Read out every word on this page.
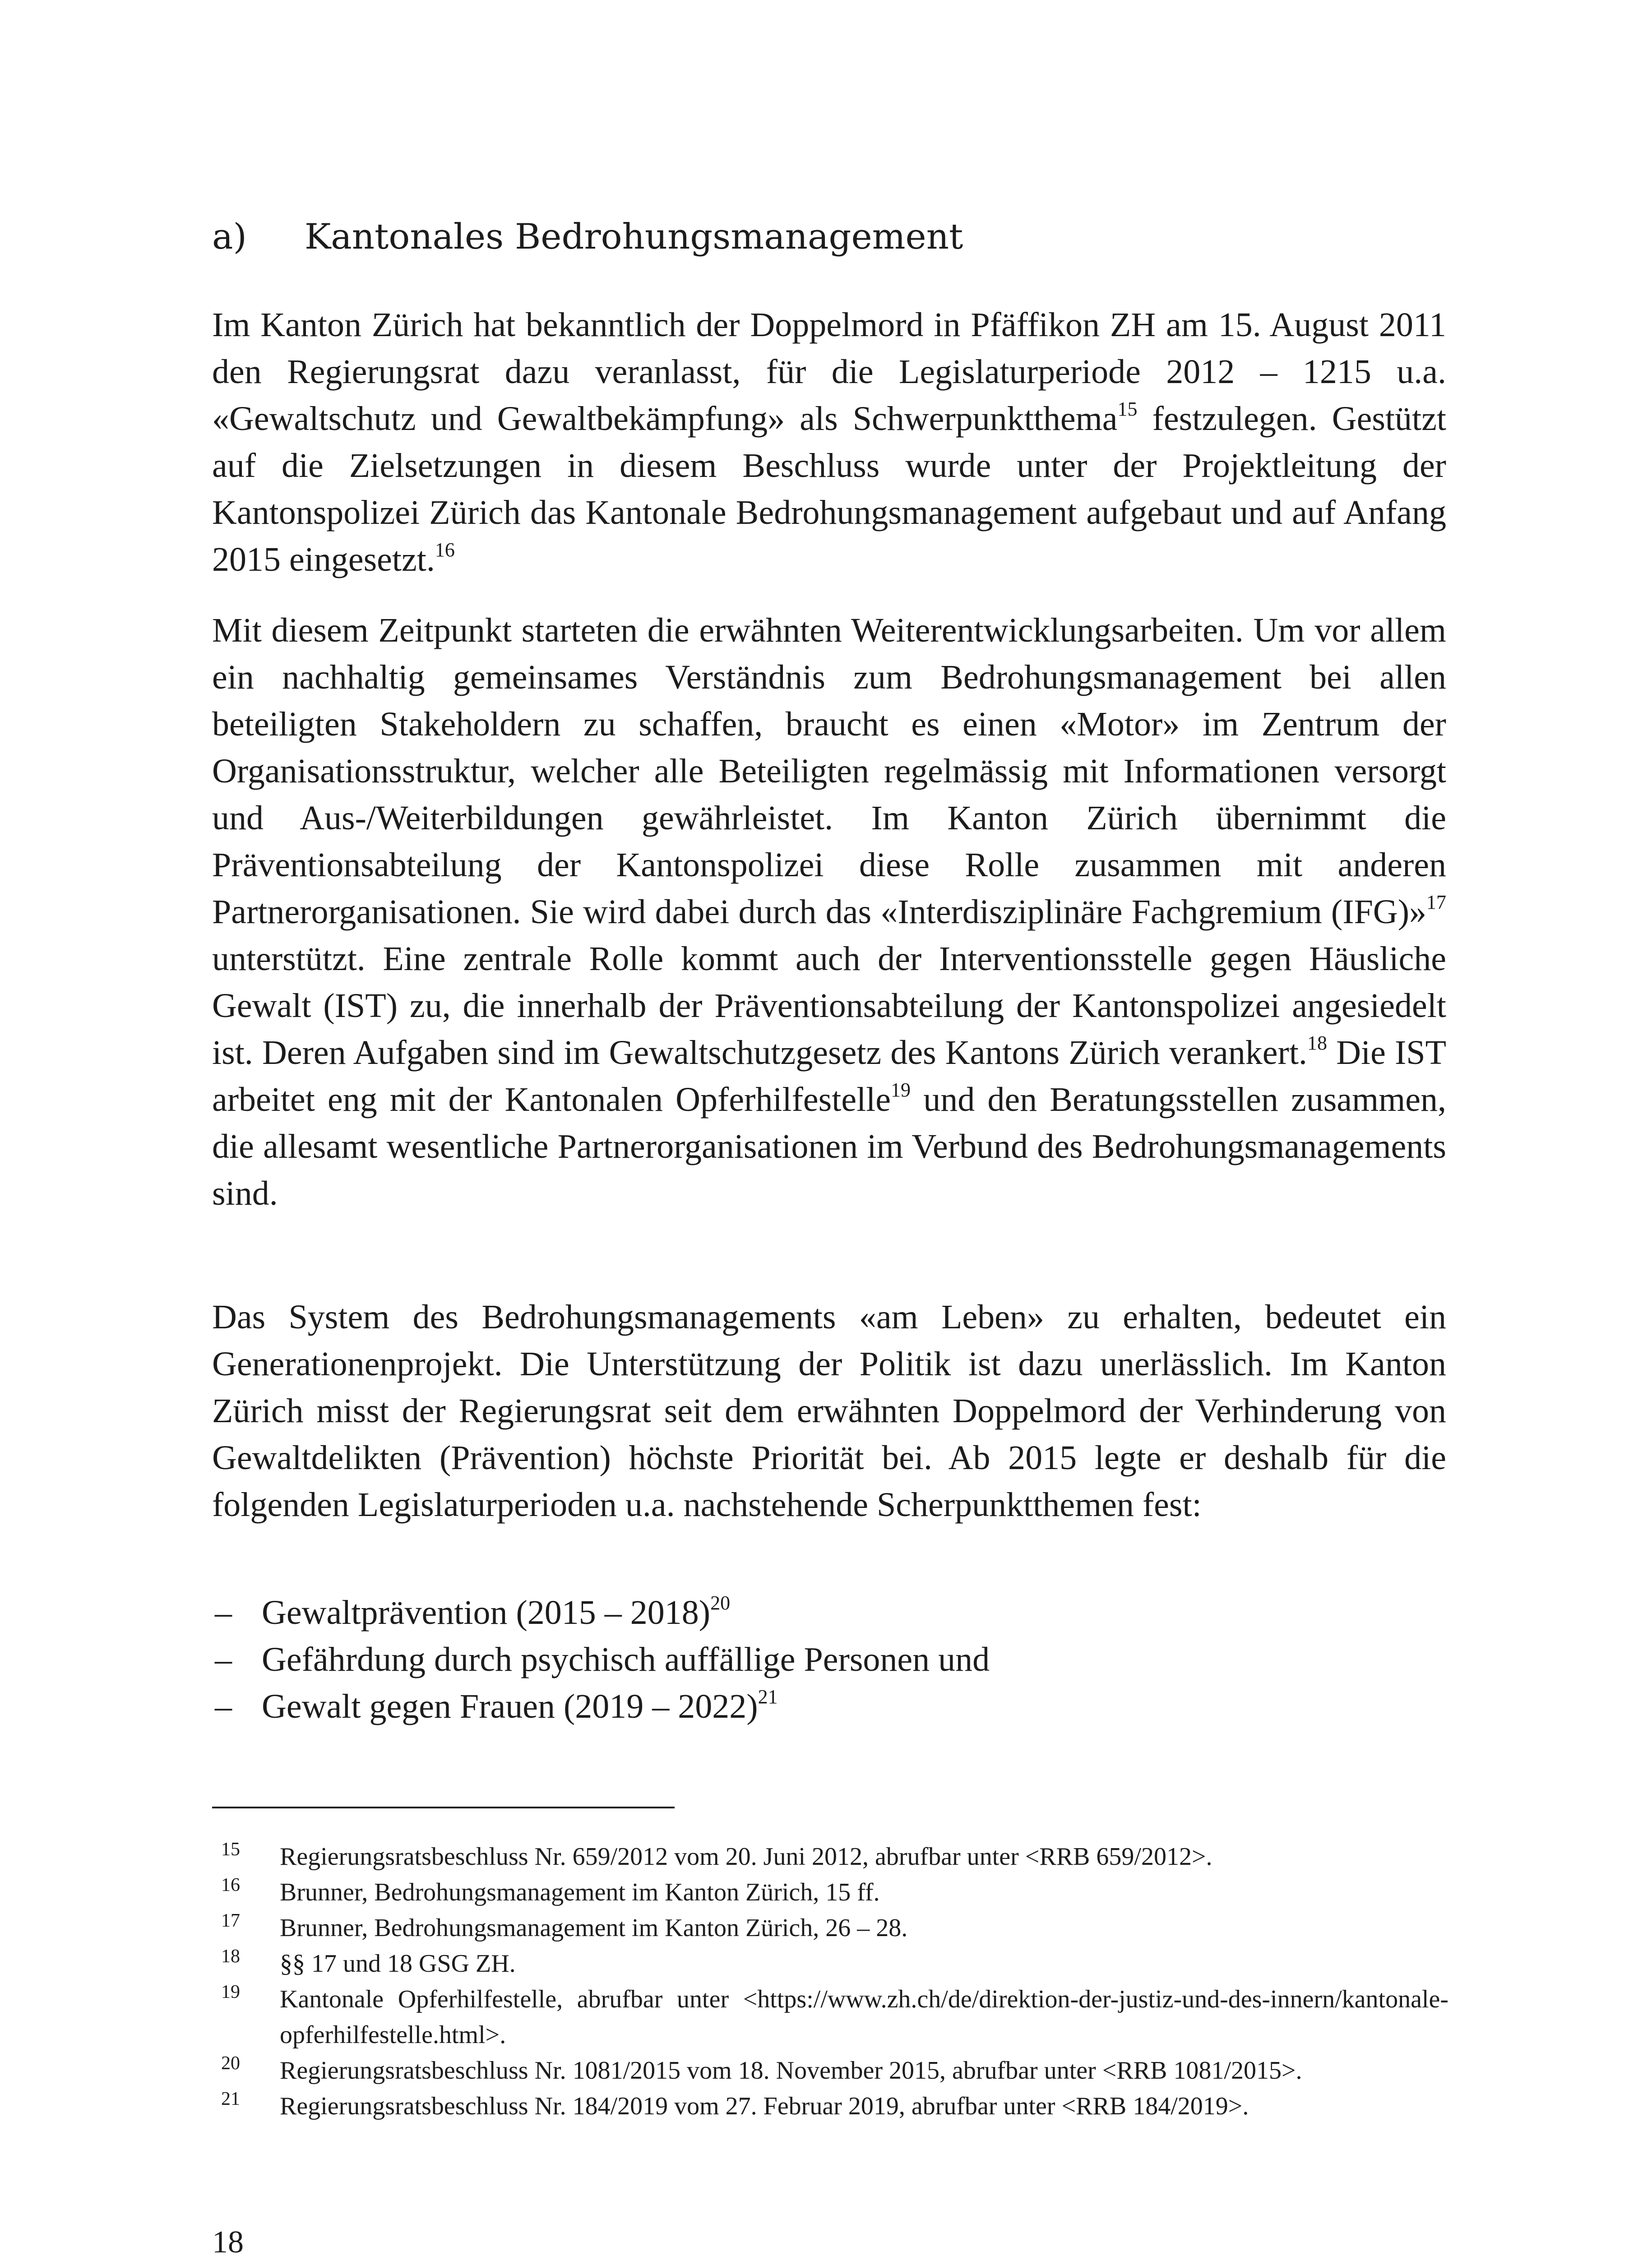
a) Kantonales Bedrohungsmanagement

Im Kanton Zürich hat bekanntlich der Doppelmord in Pfäffikon ZH am 15. August 2011 den Regierungsrat dazu veranlasst, für die Legislaturperiode 2012 – 1215 u.a. «Gewaltschutz und Gewaltbekämpfung» als Schwerpunktthema$^{15}$ festzulegen. Gestützt auf die Zielsetzungen in diesem Beschluss wurde unter der Projektleitung der Kantonspolizei Zürich das Kantonale Bedrohungsmanagement aufgebaut und auf Anfang 2015 eingesetzt.$^{16}$

Mit diesem Zeitpunkt starteten die erwähnten Weiterentwicklungsarbeiten. Um vor allem ein nachhaltig gemeinsames Verständnis zum Bedrohungsmanagement bei allen beteiligten Stakeholdern zu schaffen, braucht es einen «Motor» im Zentrum der Organisationsstruktur, welcher alle Beteiligten regelmässig mit Informationen versorgt und Aus-/Weiterbildungen gewährleistet. Im Kanton Zürich übernimmt die Präventionsabteilung der Kantonspolizei diese Rolle zusammen mit anderen Partnerorganisationen. Sie wird dabei durch das «Interdisziplinäre Fachgremium (IFG)»$^{17}$ unterstützt. Eine zentrale Rolle kommt auch der Interventionsstelle gegen Häusliche Gewalt (IST) zu, die innerhalb der Präventionsabteilung der Kantonspolizei angesiedelt ist. Deren Aufgaben sind im Gewaltschutzgesetz des Kantons Zürich verankert.$^{18}$ Die IST arbeitet eng mit der Kantonalen Opferhilfestelle$^{19}$ und den Beratungsstellen zusammen, die allesamt wesentliche Partnerorganisationen im Verbund des Bedrohungsmanagements sind.

Das System des Bedrohungsmanagements «am Leben» zu erhalten, bedeutet ein Generationenprojekt. Die Unterstützung der Politik ist dazu unerlässlich. Im Kanton Zürich misst der Regierungsrat seit dem erwähnten Doppelmord der Verhinderung von Gewaltdelikten (Prävention) höchste Priorität bei. Ab 2015 legte er deshalb für die folgenden Legislaturperioden u.a. nachstehende Scherpunktthemen fest:

– Gewaltprävention (2015 – 2018)$^{20}$
– Gefährdung durch psychisch auffällige Personen und
– Gewalt gegen Frauen (2019 – 2022)$^{21}$
15 Regierungsratsbeschluss Nr. 659/2012 vom 20. Juni 2012, abrufbar unter <RRB 659/2012>.
16 Brunner, Bedrohungsmanagement im Kanton Zürich, 15 ff.
17 Brunner, Bedrohungsmanagement im Kanton Zürich, 26 – 28.
18 §§ 17 und 18 GSG ZH.
19 Kantonale Opferhilfestelle, abrufbar unter <https://www.zh.ch/de/direktion-der-justiz-und-des-innern/kantonale-opferhilfestelle.html>.
20 Regierungsratsbeschluss Nr. 1081/2015 vom 18. November 2015, abrufbar unter <RRB 1081/2015>.
21 Regierungsratsbeschluss Nr. 184/2019 vom 27. Februar 2019, abrufbar unter <RRB 184/2019>.
18
